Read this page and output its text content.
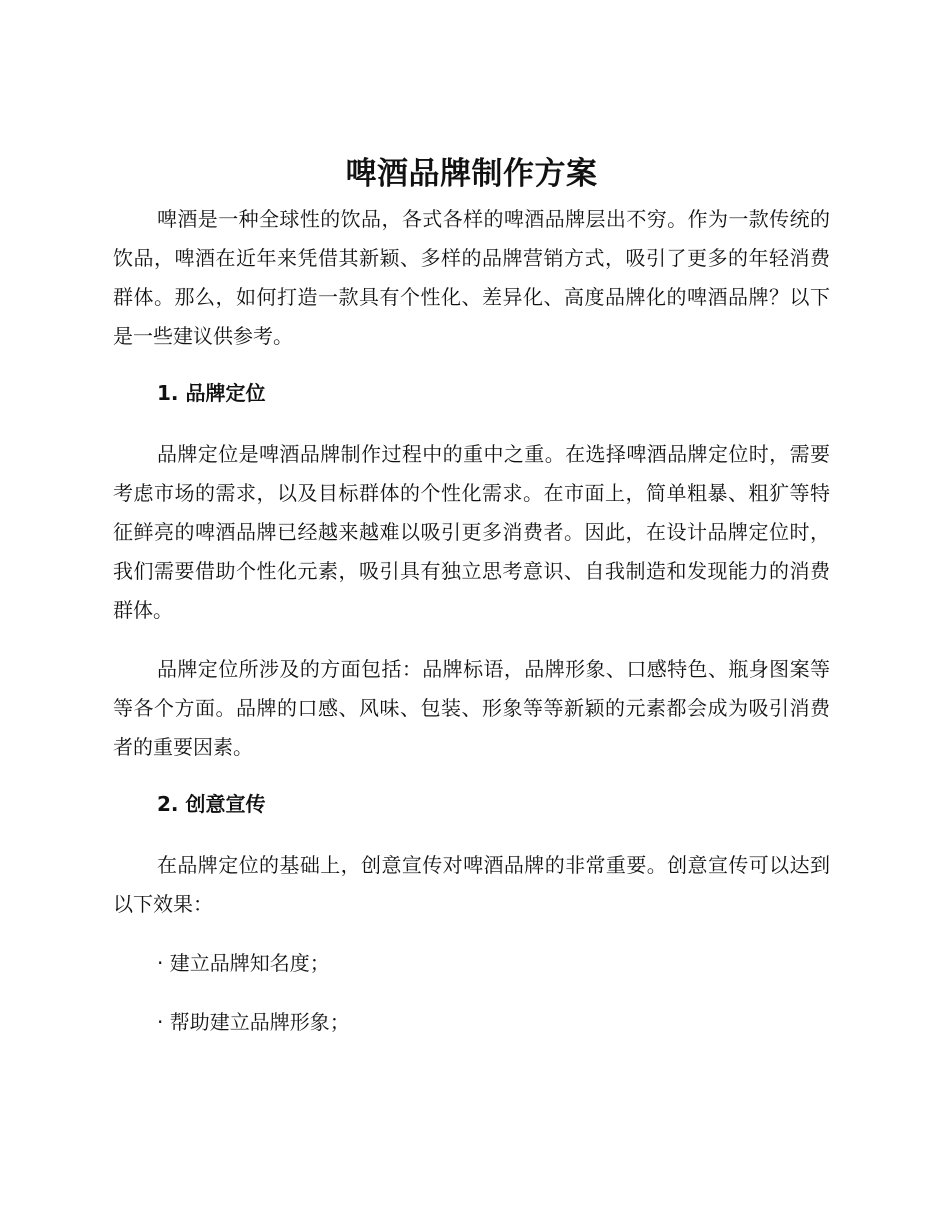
啤酒品牌制作方案

啤酒是一种全球性的饮品，各式各样的啤酒品牌层出不穷。作为一款传统的饮品，啤酒在近年来凭借其新颖、多样的品牌营销方式，吸引了更多的年轻消费群体。那么，如何打造一款具有个性化、差异化、高度品牌化的啤酒品牌？以下是一些建议供参考。

1. 品牌定位

品牌定位是啤酒品牌制作过程中的重中之重。在选择啤酒品牌定位时，需要考虑市场的需求，以及目标群体的个性化需求。在市面上，简单粗暴、粗犷等特征鲜亮的啤酒品牌已经越来越难以吸引更多消费者。因此，在设计品牌定位时，我们需要借助个性化元素，吸引具有独立思考意识、自我制造和发现能力的消费群体。

品牌定位所涉及的方面包括：品牌标语，品牌形象、口感特色、瓶身图案等等各个方面。品牌的口感、风味、包装、形象等等新颖的元素都会成为吸引消费者的重要因素。

2. 创意宣传

在品牌定位的基础上，创意宣传对啤酒品牌的非常重要。创意宣传可以达到以下效果：

· 建立品牌知名度；

· 帮助建立品牌形象；
